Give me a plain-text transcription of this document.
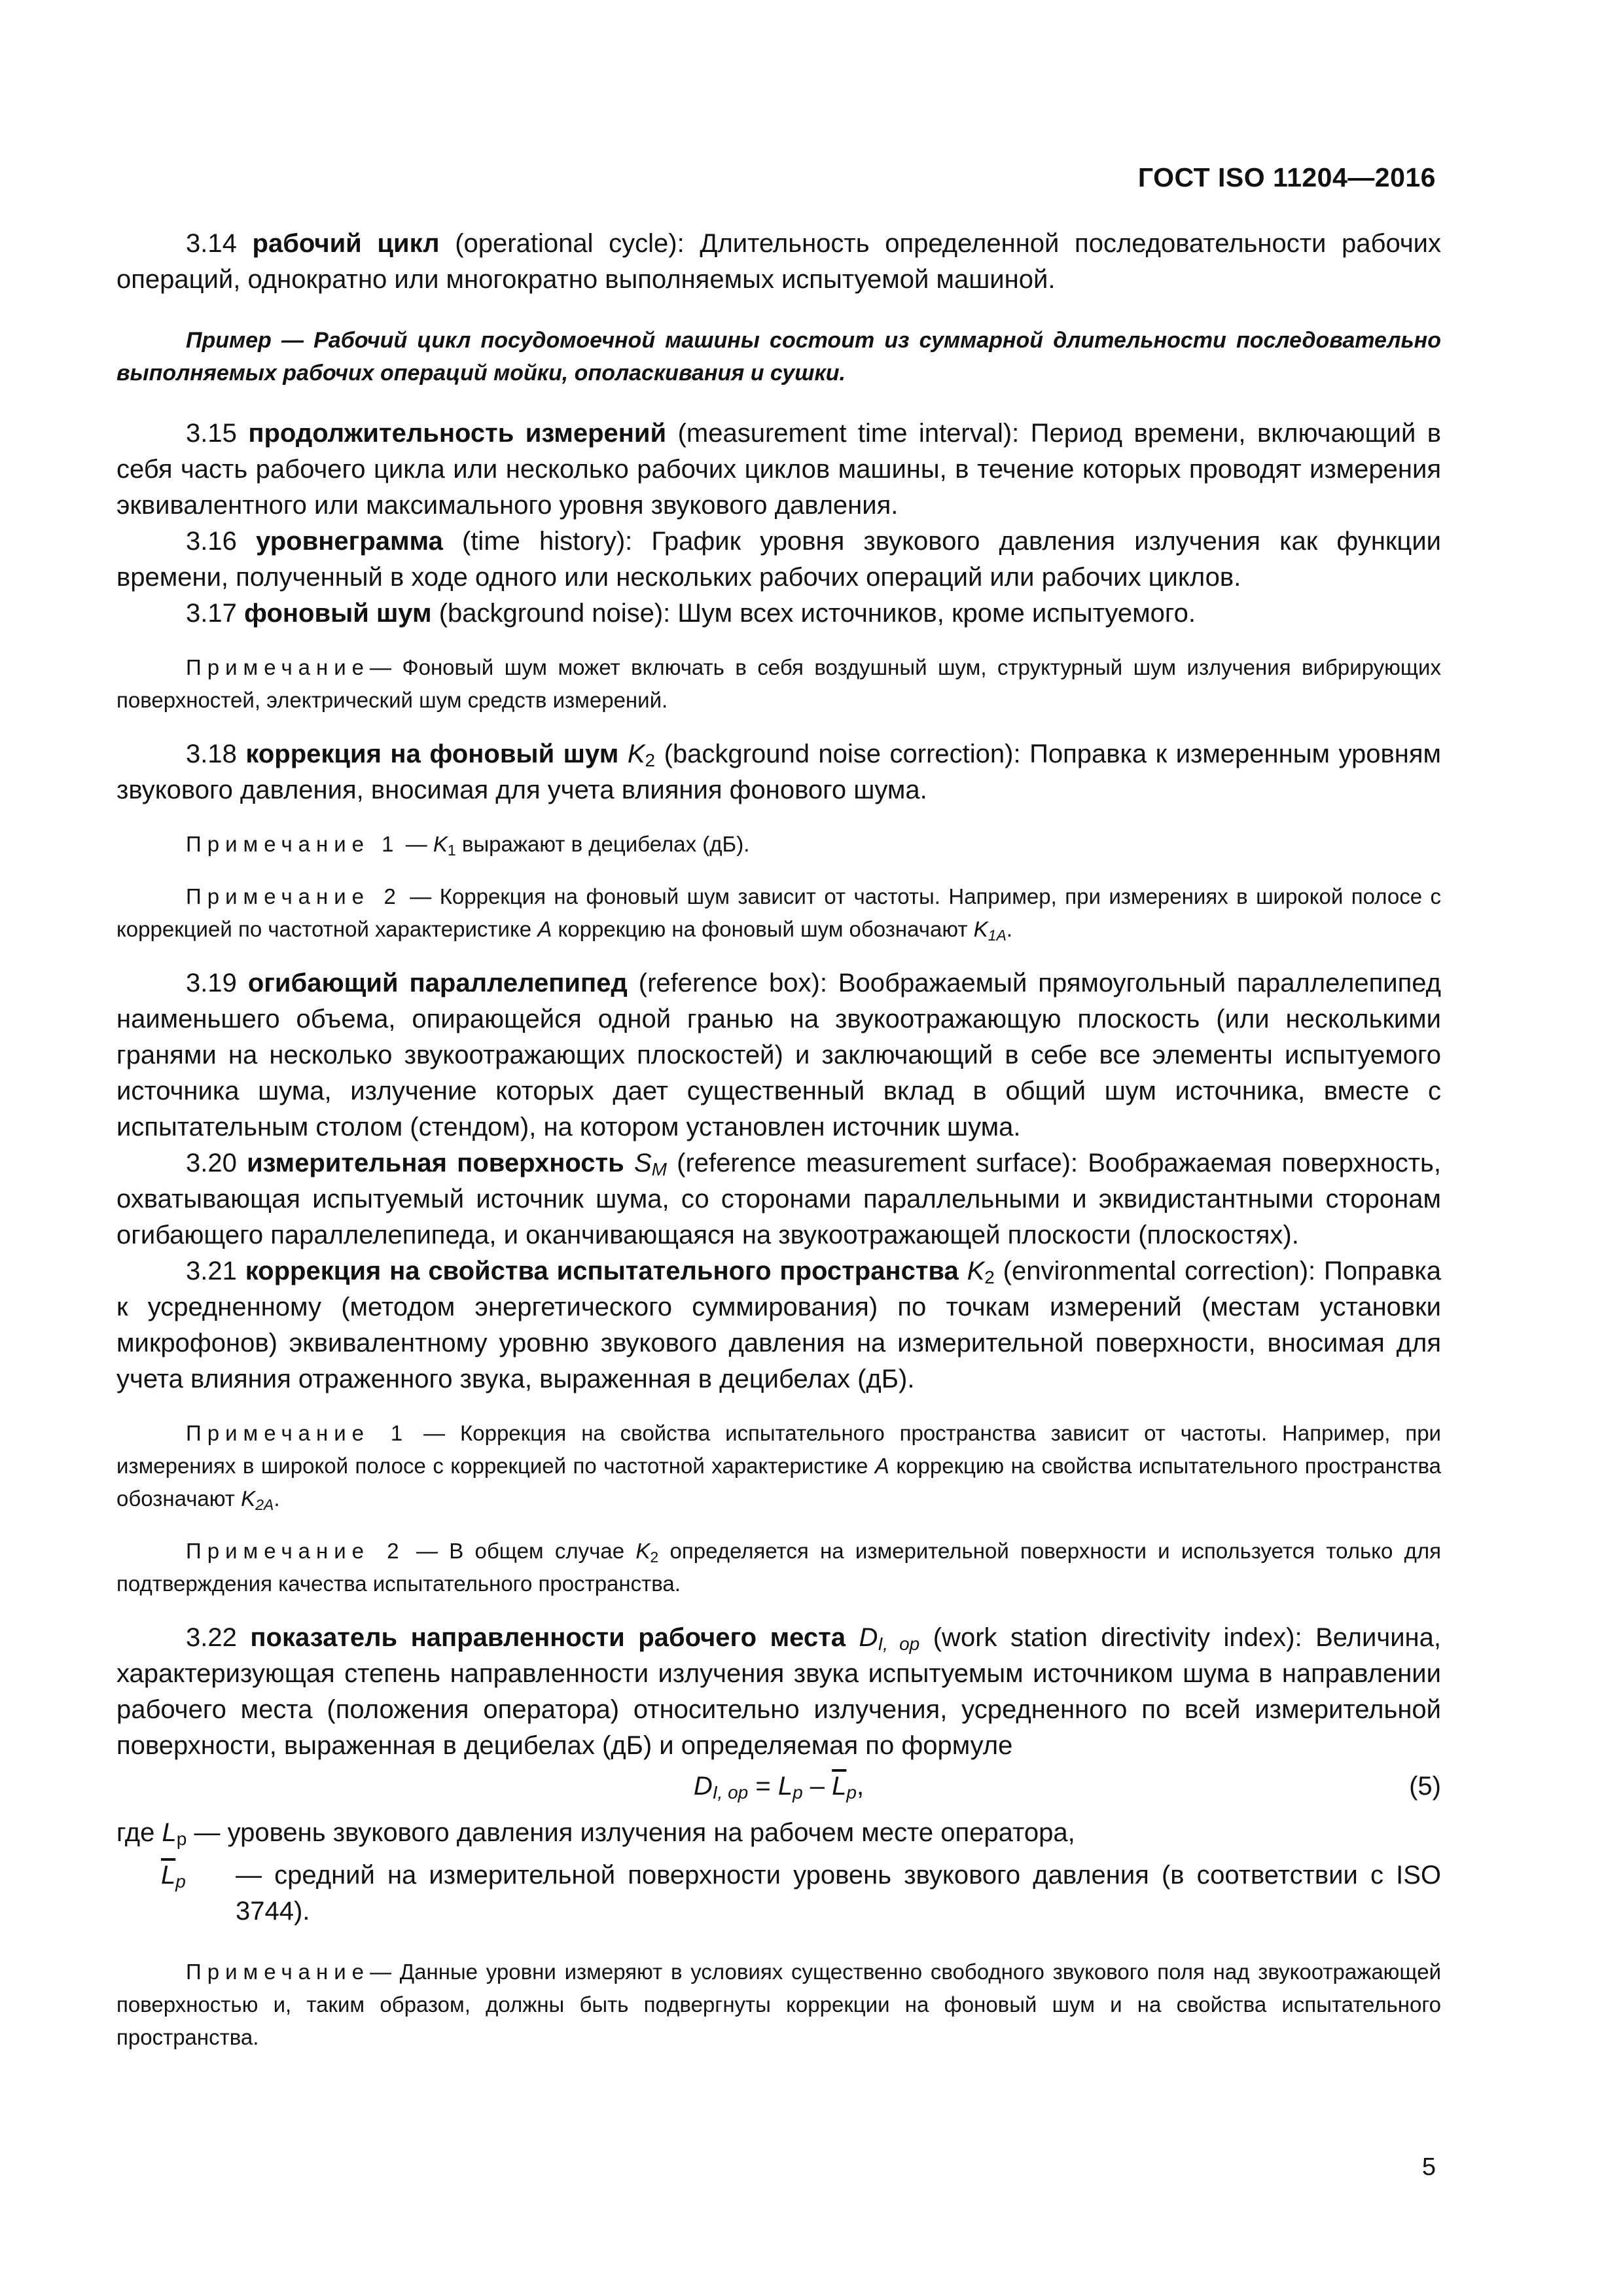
ГОСТ ISO 11204—2016

3.14 рабочий цикл (operational cycle): Длительность определенной последовательности рабочих операций, однократно или многократно выполняемых испытуемой машиной.

Пример — Рабочий цикл посудомоечной машины состоит из суммарной длительности последовательно выполняемых рабочих операций мойки, ополаскивания и сушки.

3.15 продолжительность измерений (measurement time interval): Период времени, включающий в себя часть рабочего цикла или несколько рабочих циклов машины, в течение которых проводят измерения эквивалентного или максимального уровня звукового давления.

3.16 уровнеграмма (time history): График уровня звукового давления излучения как функции времени, полученный в ходе одного или нескольких рабочих операций или рабочих циклов.

3.17 фоновый шум (background noise): Шум всех источников, кроме испытуемого.

Примечание— Фоновый шум может включать в себя воздушный шум, структурный шум излучения вибрирующих поверхностей, электрический шум средств измерений.

3.18 коррекция на фоновый шум $K_2$ (background noise correction): Поправка к измеренным уровням звукового давления, вносимая для учета влияния фонового шума.

Примечание 1 — $K_1$ выражают в децибелах (дБ).

Примечание 2 — Коррекция на фоновый шум зависит от частоты. Например, при измерениях в широкой полосе с коррекцией по частотной характеристике A коррекцию на фоновый шум обозначают $K_{1A}$.

3.19 огибающий параллелепипед (reference box): Воображаемый прямоугольный параллелепипед наименьшего объема, опирающейся одной гранью на звукоотражающую плоскость (или несколькими гранями на несколько звукоотражающих плоскостей) и заключающий в себе все элементы испытуемого источника шума, излучение которых дает существенный вклад в общий шум источника, вместе с испытательным столом (стендом), на котором установлен источник шума.

3.20 измерительная поверхность $S_M$ (reference measurement surface): Воображаемая поверхность, охватывающая испытуемый источник шума, со сторонами параллельными и эквидистантными сторонам огибающего параллелепипеда, и оканчивающаяся на звукоотражающей плоскости (плоскостях).

3.21 коррекция на свойства испытательного пространства $K_2$ (environmental correction): Поправка к усредненному (методом энергетического суммирования) по точкам измерений (местам установки микрофонов) эквивалентному уровню звукового давления на измерительной поверхности, вносимая для учета влияния отраженного звука, выраженная в децибелах (дБ).

Примечание 1 — Коррекция на свойства испытательного пространства зависит от частоты. Например, при измерениях в широкой полосе с коррекцией по частотной характеристике A коррекцию на свойства испытательного пространства обозначают $K_{2A}$.

Примечание 2 — В общем случае $K_2$ определяется на измерительной поверхности и используется только для подтверждения качества испытательного пространства.

3.22 показатель направленности рабочего места $D_{I, op}$ (work station directivity index): Величина, характеризующая степень направленности излучения звука испытуемым источником шума в направлении рабочего места (положения оператора) относительно излучения, усредненного по всей измерительной поверхности, выраженная в децибелах (дБ) и определяемая по формуле

$D_{I, op} = L_p - \overline{L}_p$,	(5)

где $L_p$ — уровень звукового давления излучения на рабочем месте оператора,

$\overline{L}_p$	— средний на измерительной поверхности уровень звукового давления (в соответствии с ISO 3744).

Примечание— Данные уровни измеряют в условиях существенно свободного звукового поля над звукоотражающей поверхностью и, таким образом, должны быть подвергнуты коррекции на фоновый шум и на свойства испытательного пространства.

5
